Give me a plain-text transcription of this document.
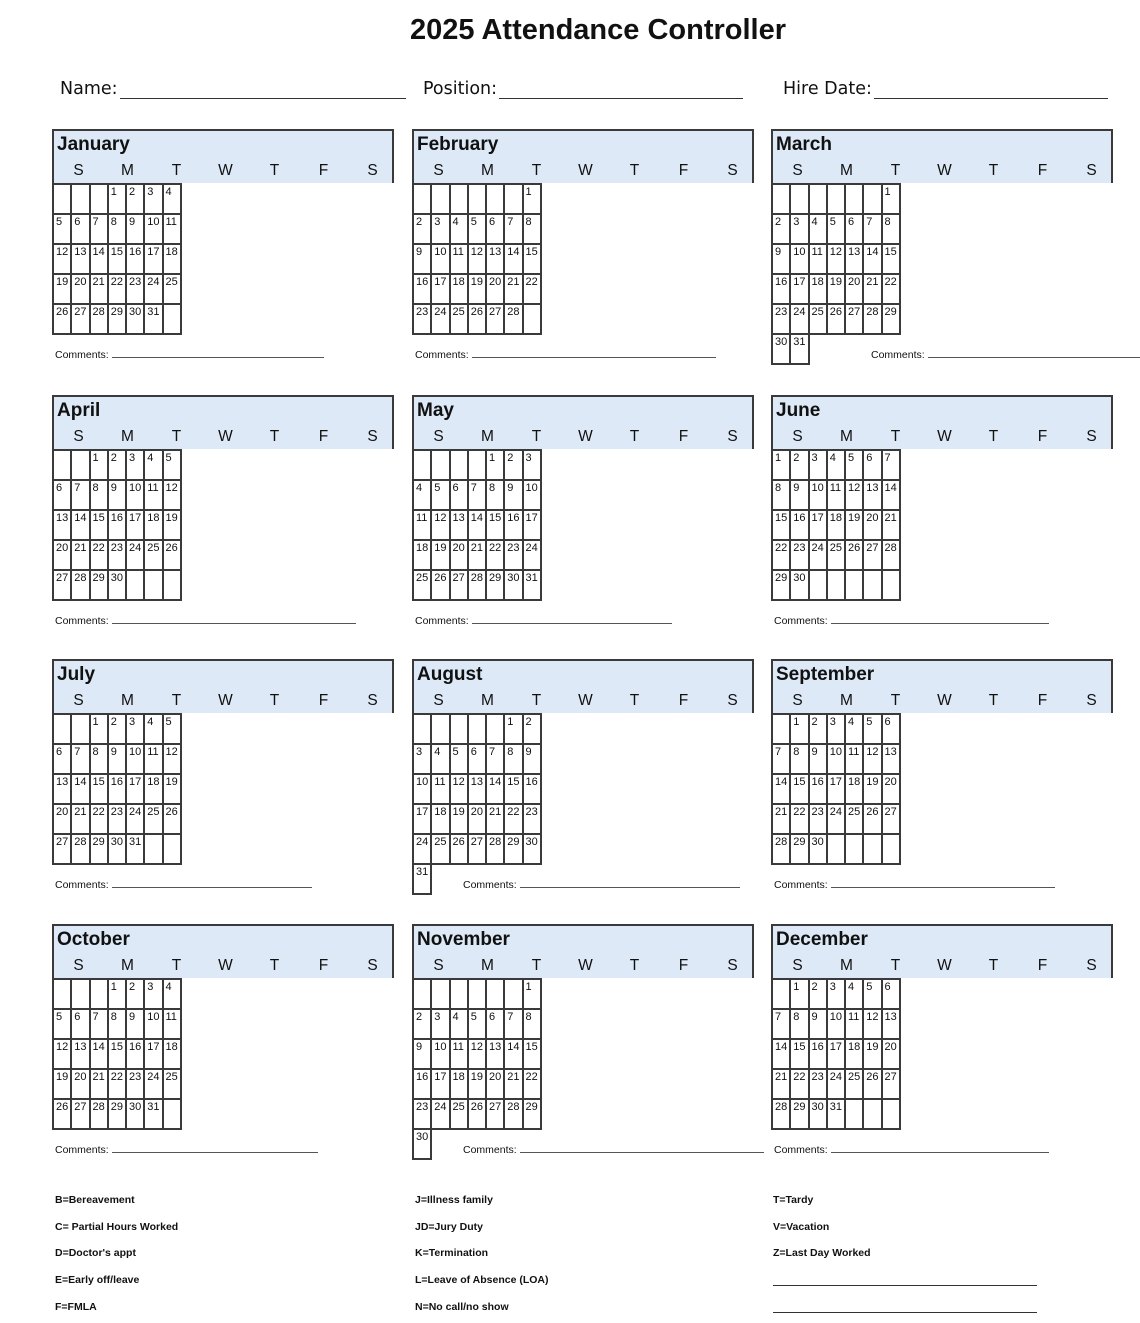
2025 Attendance Controller
Name:	Position:	Hire Date:
January
S	M	T	W	T	F	S
			1	2	3	4
5	6	7	8	9	10	11
12	13	14	15	16	17	18
19	20	21	22	23	24	25
26	27	28	29	30	31	
Comments:
February
S	M	T	W	T	F	S
						1
2	3	4	5	6	7	8
9	10	11	12	13	14	15
16	17	18	19	20	21	22
23	24	25	26	27	28	
Comments:
March
S	M	T	W	T	F	S
						1
2	3	4	5	6	7	8
9	10	11	12	13	14	15
16	17	18	19	20	21	22
23	24	25	26	27	28	29
30	31
Comments:
April
S	M	T	W	T	F	S
		1	2	3	4	5
6	7	8	9	10	11	12
13	14	15	16	17	18	19
20	21	22	23	24	25	26
27	28	29	30			
Comments:
May
S	M	T	W	T	F	S
				1	2	3
4	5	6	7	8	9	10
11	12	13	14	15	16	17
18	19	20	21	22	23	24
25	26	27	28	29	30	31
Comments:
June
S	M	T	W	T	F	S
1	2	3	4	5	6	7
8	9	10	11	12	13	14
15	16	17	18	19	20	21
22	23	24	25	26	27	28
29	30					
Comments:
July
S	M	T	W	T	F	S
		1	2	3	4	5
6	7	8	9	10	11	12
13	14	15	16	17	18	19
20	21	22	23	24	25	26
27	28	29	30	31		
Comments:
August
S	M	T	W	T	F	S
					1	2
3	4	5	6	7	8	9
10	11	12	13	14	15	16
17	18	19	20	21	22	23
24	25	26	27	28	29	30
31
Comments:
September
S	M	T	W	T	F	S
	1	2	3	4	5	6
7	8	9	10	11	12	13
14	15	16	17	18	19	20
21	22	23	24	25	26	27
28	29	30				
Comments:
October
S	M	T	W	T	F	S
			1	2	3	4
5	6	7	8	9	10	11
12	13	14	15	16	17	18
19	20	21	22	23	24	25
26	27	28	29	30	31	
Comments:
November
S	M	T	W	T	F	S
						1
2	3	4	5	6	7	8
9	10	11	12	13	14	15
16	17	18	19	20	21	22
23	24	25	26	27	28	29
30
Comments:
December
S	M	T	W	T	F	S
	1	2	3	4	5	6
7	8	9	10	11	12	13
14	15	16	17	18	19	20
21	22	23	24	25	26	27
28	29	30	31			
Comments:
B=Bereavement
C= Partial Hours Worked
D=Doctor's appt
E=Early off/leave
F=FMLA
J=Illness family
JD=Jury Duty
K=Termination
L=Leave of Absence (LOA)
N=No call/no show
T=Tardy
V=Vacation
Z=Last Day Worked
